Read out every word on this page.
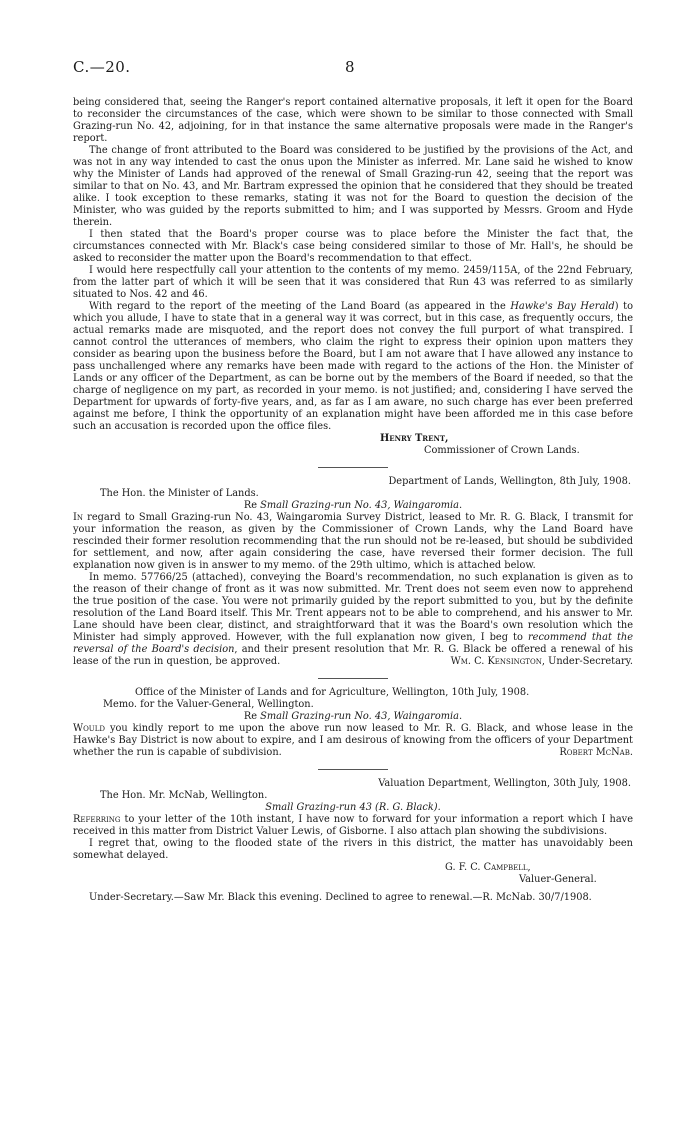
C.—20.	8

being considered that, seeing the Ranger's report contained alternative proposals, it left it open for the Board to reconsider the circumstances of the case, which were shown to be similar to those connected with Small Grazing-run No. 42, adjoining, for in that instance the same alternative proposals were made in the Ranger's report.

The change of front attributed to the Board was considered to be justified by the provisions of the Act, and was not in any way intended to cast the onus upon the Minister as inferred. Mr. Lane said he wished to know why the Minister of Lands had approved of the renewal of Small Grazing-run 42, seeing that the report was similar to that on No. 43, and Mr. Bartram expressed the opinion that he considered that they should be treated alike. I took exception to these remarks, stating it was not for the Board to question the decision of the Minister, who was guided by the reports submitted to him; and I was supported by Messrs. Groom and Hyde therein.

I then stated that the Board's proper course was to place before the Minister the fact that, the circumstances connected with Mr. Black's case being considered similar to those of Mr. Hall's, he should be asked to reconsider the matter upon the Board's recommendation to that effect.

I would here respectfully call your attention to the contents of my memo. 2459/115A, of the 22nd February, from the latter part of which it will be seen that it was considered that Run 43 was referred to as similarly situated to Nos. 42 and 46.

With regard to the report of the meeting of the Land Board (as appeared in the Hawke's Bay Herald) to which you allude, I have to state that in a general way it was correct, but in this case, as frequently occurs, the actual remarks made are misquoted, and the report does not convey the full purport of what transpired. I cannot control the utterances of members, who claim the right to express their opinion upon matters they consider as bearing upon the business before the Board, but I am not aware that I have allowed any instance to pass unchallenged where any remarks have been made with regard to the actions of the Hon. the Minister of Lands or any officer of the Department, as can be borne out by the members of the Board if needed, so that the charge of negligence on my part, as recorded in your memo. is not justified; and, considering I have served the Department for upwards of forty-five years, and, as far as I am aware, no such charge has ever been preferred against me before, I think the opportunity of an explanation might have been afforded me in this case before such an accusation is recorded upon the office files.

Henry Trent,

Commissioner of Crown Lands.

Department of Lands, Wellington, 8th July, 1908.

The Hon. the Minister of Lands.

Re Small Grazing-run No. 43, Waingaromia.

In regard to Small Grazing-run No. 43, Waingaromia Survey District, leased to Mr. R. G. Black, I transmit for your information the reason, as given by the Commissioner of Crown Lands, why the Land Board have rescinded their former resolution recommending that the run should not be re-leased, but should be subdivided for settlement, and now, after again considering the case, have reversed their former decision. The full explanation now given is in answer to my memo. of the 29th ultimo, which is attached below.

In memo. 57766/25 (attached), conveying the Board's recommendation, no such explanation is given as to the reason of their change of front as it was now submitted. Mr. Trent does not seem even now to apprehend the true position of the case. You were not primarily guided by the report submitted to you, but by the definite resolution of the Land Board itself. This Mr. Trent appears not to be able to comprehend, and his answer to Mr. Lane should have been clear, distinct, and straightforward that it was the Board's own resolution which the Minister had simply approved. However, with the full explanation now given, I beg to recommend that the reversal of the Board's decision, and their present resolution that Mr. R. G. Black be offered a renewal of his lease of the run in question, be approved.	Wm. C. Kensington, Under-Secretary.

Office of the Minister of Lands and for Agriculture, Wellington, 10th July, 1908.

Memo. for the Valuer-General, Wellington.

Re Small Grazing-run No. 43, Waingaromia.

Would you kindly report to me upon the above run now leased to Mr. R. G. Black, and whose lease in the Hawke's Bay District is now about to expire, and I am desirous of knowing from the officers of your Department whether the run is capable of subdivision.	Robert McNab.

Valuation Department, Wellington, 30th July, 1908.

The Hon. Mr. McNab, Wellington.

Small Grazing-run 43 (R. G. Black).

Referring to your letter of the 10th instant, I have now to forward for your information a report which I have received in this matter from District Valuer Lewis, of Gisborne. I also attach plan showing the subdivisions.

I regret that, owing to the flooded state of the rivers in this district, the matter has unavoidably been somewhat delayed.

G. F. C. Campbell,

Valuer-General.

Under-Secretary.—Saw Mr. Black this evening. Declined to agree to renewal.—R. McNab. 30/7/1908.
